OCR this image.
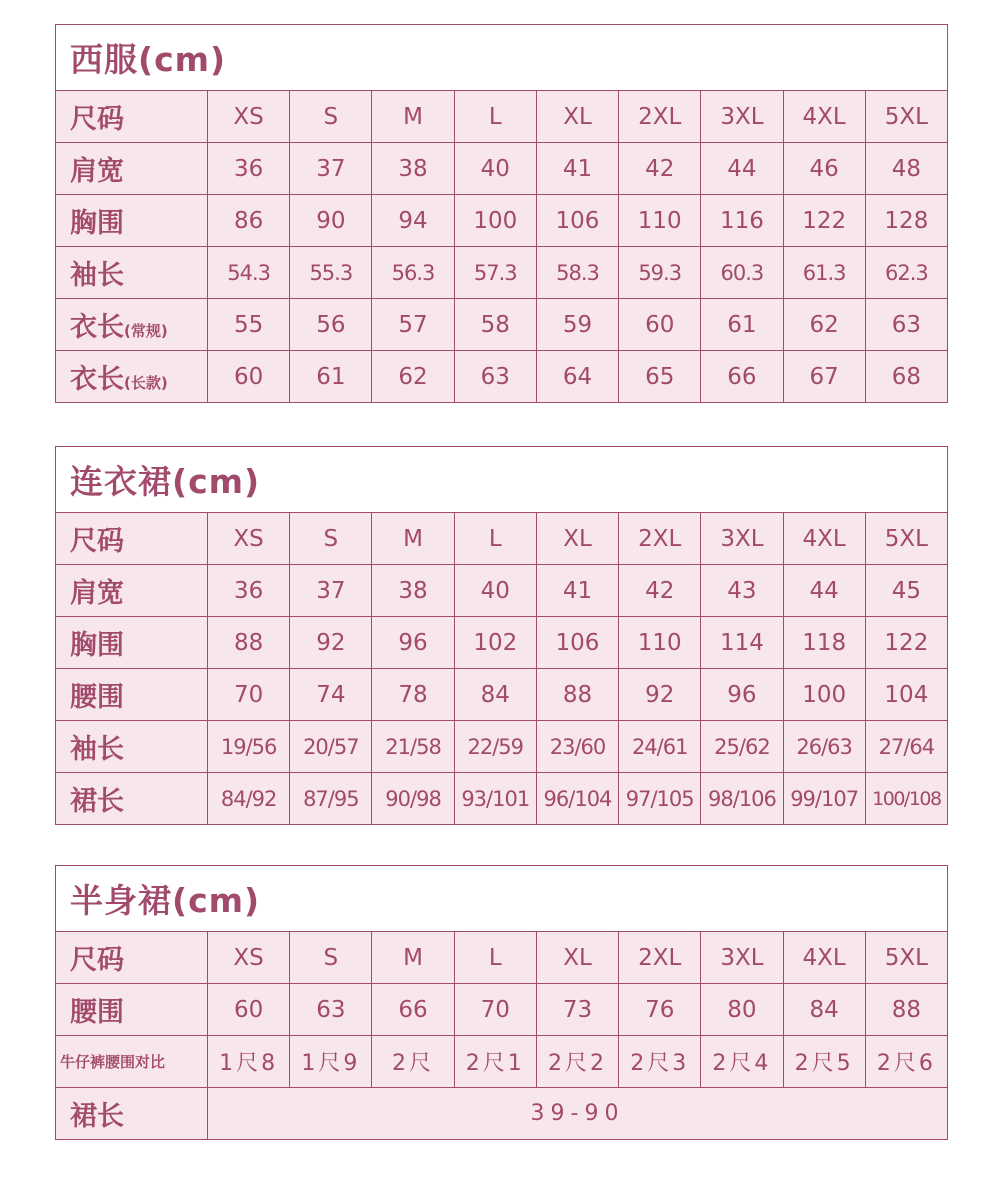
西服(cm)
尺码	XS	S	M	L	XL	2XL	3XL	4XL	5XL
肩宽	36	37	38	40	41	42	44	46	48
胸围	86	90	94	100	106	110	116	122	128
袖长	54.3	55.3	56.3	57.3	58.3	59.3	60.3	61.3	62.3
衣长(常规)	55	56	57	58	59	60	61	62	63
衣长(长款)	60	61	62	63	64	65	66	67	68
连衣裙(cm)
尺码	XS	S	M	L	XL	2XL	3XL	4XL	5XL
肩宽	36	37	38	40	41	42	43	44	45
胸围	88	92	96	102	106	110	114	118	122
腰围	70	74	78	84	88	92	96	100	104
袖长	19/56	20/57	21/58	22/59	23/60	24/61	25/62	26/63	27/64
裙长	84/92	87/95	90/98	93/101	96/104	97/105	98/106	99/107	100/108
半身裙(cm)
尺码	XS	S	M	L	XL	2XL	3XL	4XL	5XL
腰围	60	63	66	70	73	76	80	84	88
牛仔裤腰围对比	1尺8	1尺9	2尺	2尺1	2尺2	2尺3	2尺4	2尺5	2尺6
裙长	39-90								
